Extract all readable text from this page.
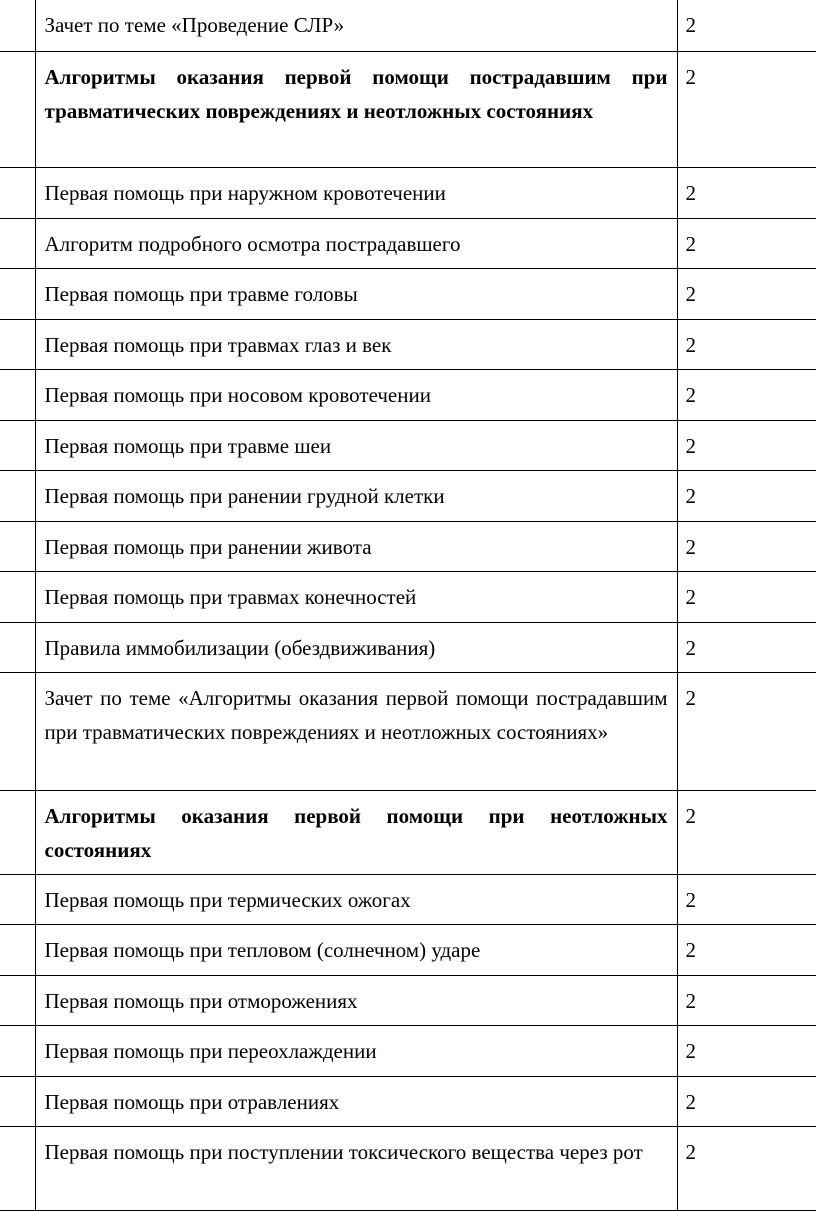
	Зачет по теме «Проведение СЛР»	2
	Алгоритмы оказания первой помощи пострадавшим при травматических повреждениях и неотложных состояниях	2
	Первая помощь при наружном кровотечении	2
	Алгоритм подробного осмотра пострадавшего	2
	Первая помощь при травме головы	2
	Первая помощь при травмах глаз и век	2
	Первая помощь при носовом кровотечении	2
	Первая помощь при травме шеи	2
	Первая помощь при ранении грудной клетки	2
	Первая помощь при ранении живота	2
	Первая помощь при травмах конечностей	2
	Правила иммобилизации (обездвиживания)	2
	Зачет по теме «Алгоритмы оказания первой помощи пострадавшим при травматических повреждениях и неотложных состояниях»	2
	Алгоритмы оказания первой помощи при неотложных состояниях	2
	Первая помощь при термических ожогах	2
	Первая помощь при тепловом (солнечном) ударе	2
	Первая помощь при отморожениях	2
	Первая помощь при переохлаждении	2
	Первая помощь при отравлениях	2
	Первая помощь при поступлении токсического вещества через рот	2
